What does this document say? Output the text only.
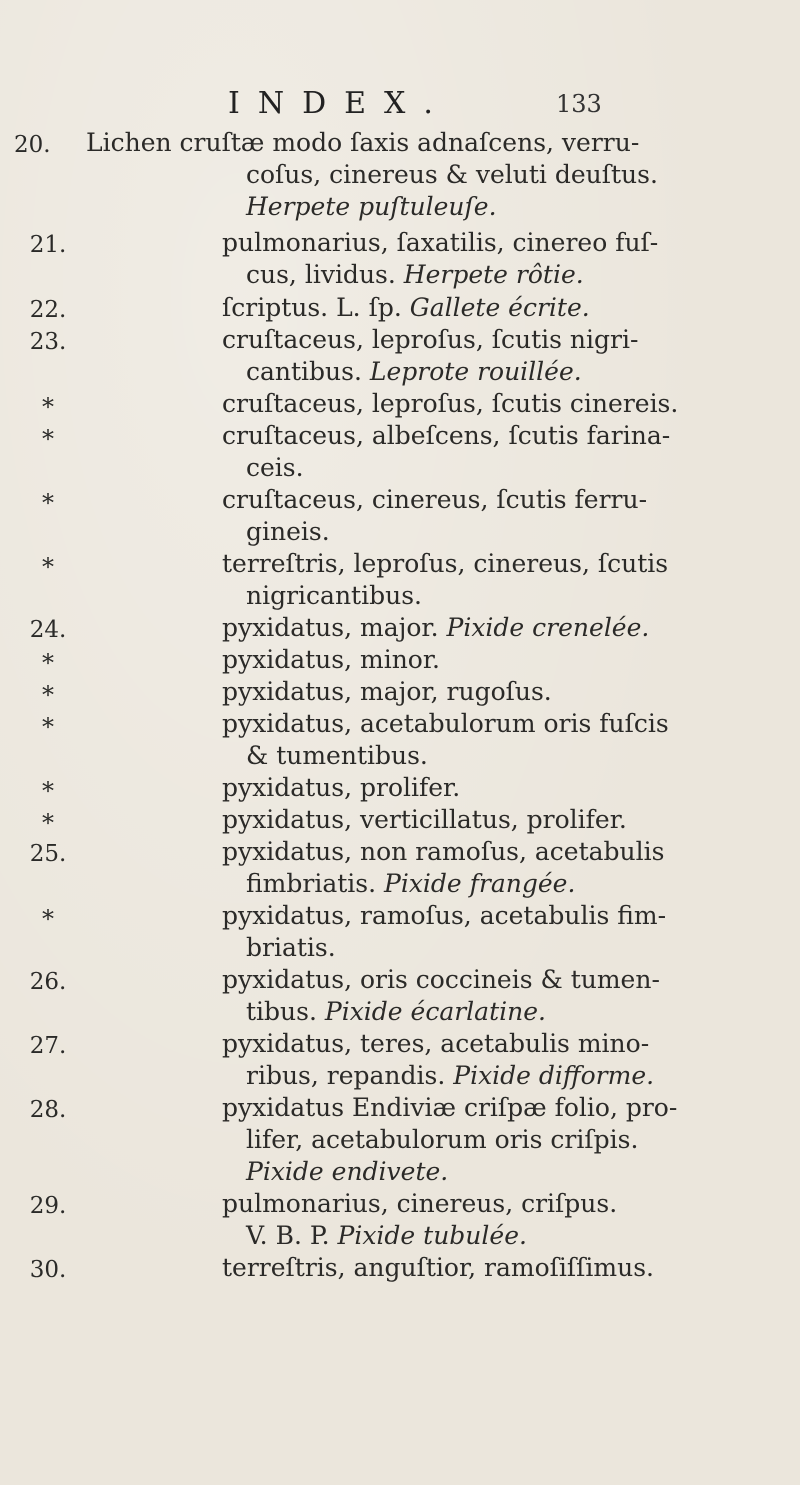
INDEX.	133
20. Lichen cruſtæ modo ſaxis adnaſcens, verru-
coſus, cinereus & veluti deuſtus.
Herpete puſtuleuſe.
21.	pulmonarius, ſaxatilis, cinereo fuſ-
cus, lividus. Herpete rôtie.
22.	ſcriptus. L. ſp. Gallete écrite.
23.	cruſtaceus, leproſus, ſcutis nigri-
cantibus. Leprote rouillée.
*	cruſtaceus, leproſus, ſcutis cinereis.
*	cruſtaceus, albeſcens, ſcutis farina-
ceis.
*	cruſtaceus, cinereus, ſcutis ferru-
gineis.
*	terreſtris, leproſus, cinereus, ſcutis
nigricantibus.
24.	pyxidatus, major. Pixide crenelée.
*	pyxidatus, minor.
*	pyxidatus, major, rugoſus.
*	pyxidatus, acetabulorum oris fuſcis
& tumentibus.
*	pyxidatus, prolifer.
*	pyxidatus, verticillatus, prolifer.
25.	pyxidatus, non ramoſus, acetabulis
fimbriatis. Pixide frangée.
*	pyxidatus, ramoſus, acetabulis fim-
briatis.
26.	pyxidatus, oris coccineis & tumen-
tibus. Pixide écarlatine.
27.	pyxidatus, teres, acetabulis mino-
ribus, repandis. Pixide difforme.
28.	pyxidatus Endiviæ criſpæ folio, pro-
lifer, acetabulorum oris criſpis.
Pixide endivete.
29.	pulmonarius, cinereus, criſpus.
V. B. P. Pixide tubulée.
30.	terreſtris, anguſtior, ramoſiſſimus.
